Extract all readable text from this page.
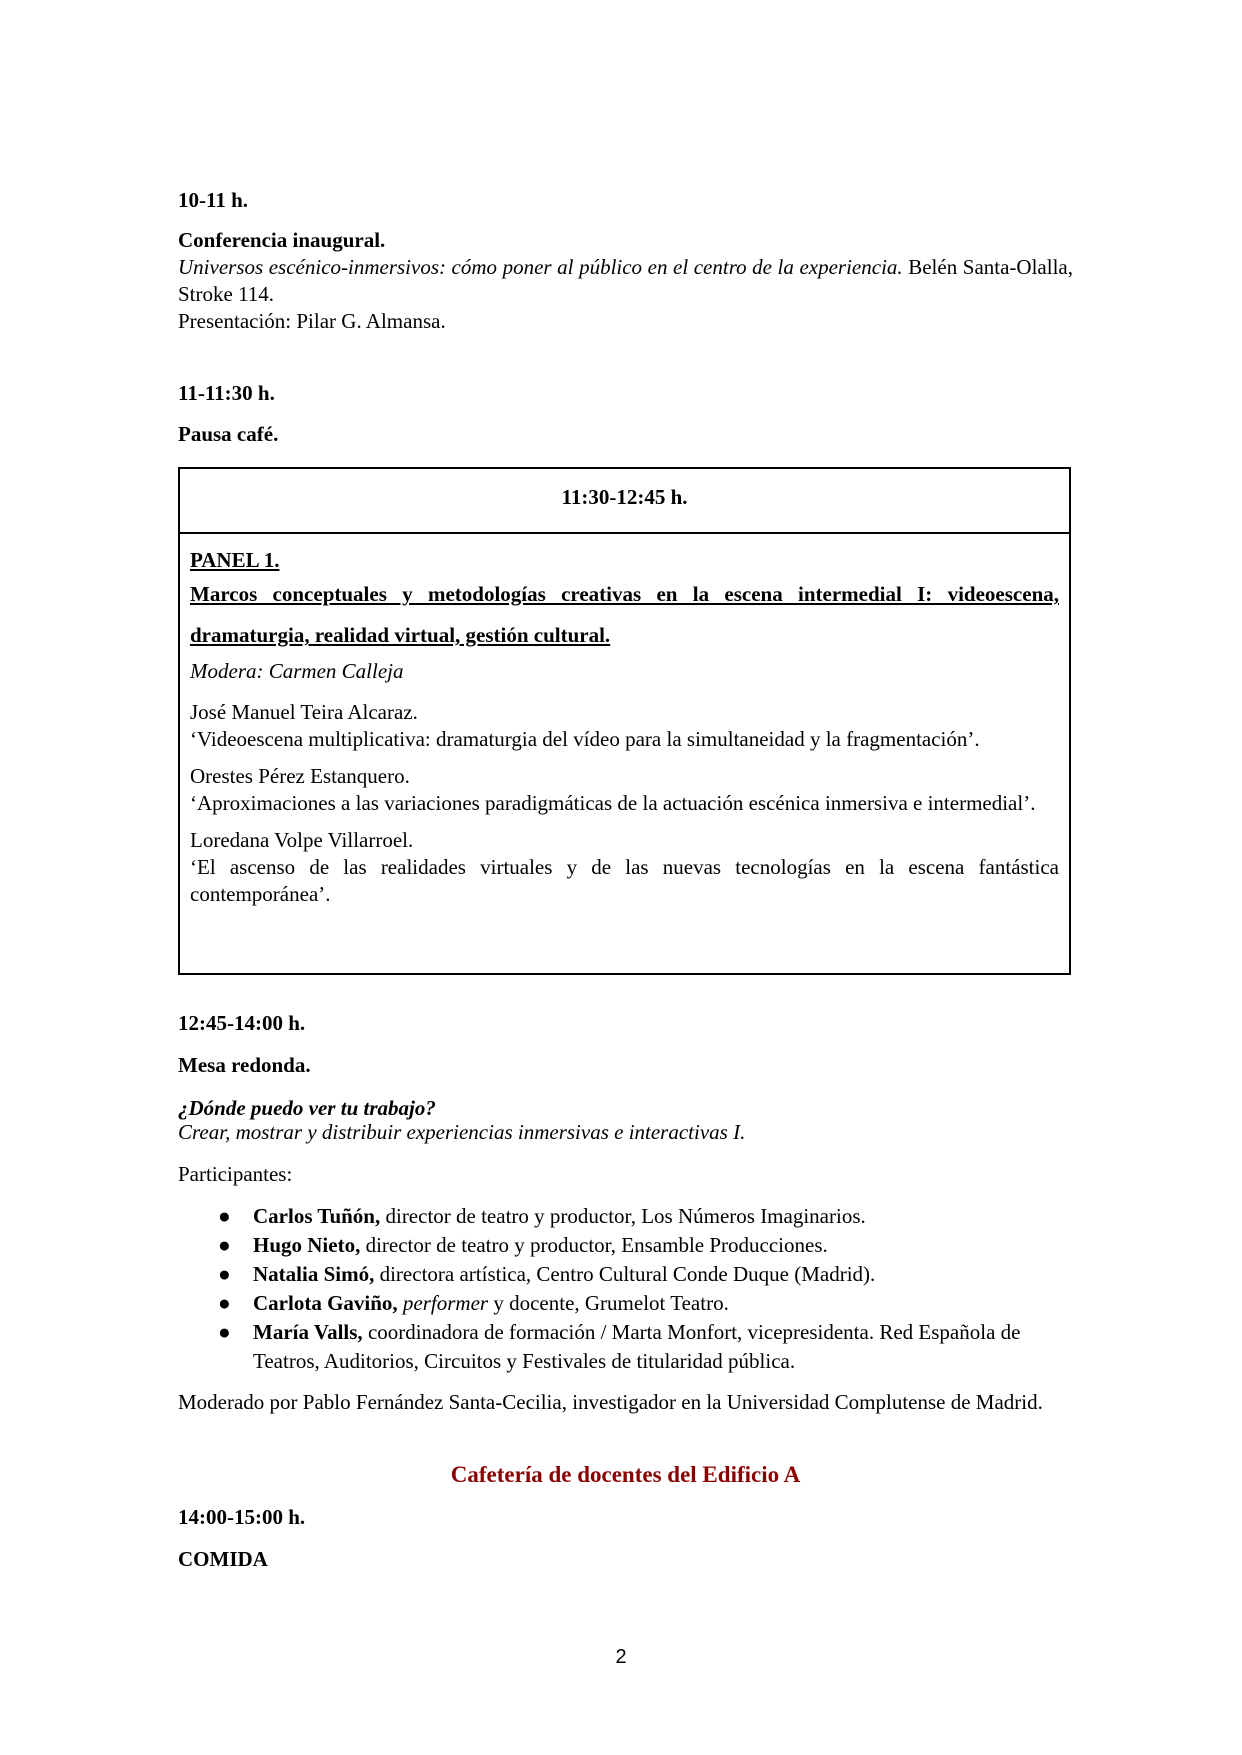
10-11 h.

Conferencia inaugural.

Universos escénico-inmersivos: cómo poner al público en el centro de la experiencia. Belén Santa-Olalla, Stroke 114.

Presentación: Pilar G. Almansa.

11-11:30 h.

Pausa café.

11:30-12:45 h.

PANEL 1.

Marcos conceptuales y metodologías creativas en la escena intermedial I: videoescena, dramaturgia, realidad virtual, gestión cultural.

Modera: Carmen Calleja

José Manuel Teira Alcaraz.

‘Videoescena multiplicativa: dramaturgia del vídeo para la simultaneidad y la fragmentación’.

Orestes Pérez Estanquero.

‘Aproximaciones a las variaciones paradigmáticas de la actuación escénica inmersiva e intermedial’.

Loredana Volpe Villarroel.

‘El ascenso de las realidades virtuales y de las nuevas tecnologías en la escena fantástica contemporánea’.

12:45-14:00 h.

Mesa redonda.

¿Dónde puedo ver tu trabajo?

Crear, mostrar y distribuir experiencias inmersivas e interactivas I.

Participantes:

● Carlos Tuñón, director de teatro y productor, Los Números Imaginarios.
● Hugo Nieto, director de teatro y productor, Ensamble Producciones.
● Natalia Simó, directora artística, Centro Cultural Conde Duque (Madrid).
● Carlota Gaviño, performer y docente, Grumelot Teatro.
● María Valls, coordinadora de formación / Marta Monfort, vicepresidenta. Red Española de Teatros, Auditorios, Circuitos y Festivales de titularidad pública.

Moderado por Pablo Fernández Santa-Cecilia, investigador en la Universidad Complutense de Madrid.

Cafetería de docentes del Edificio A

14:00-15:00 h.

COMIDA

2
